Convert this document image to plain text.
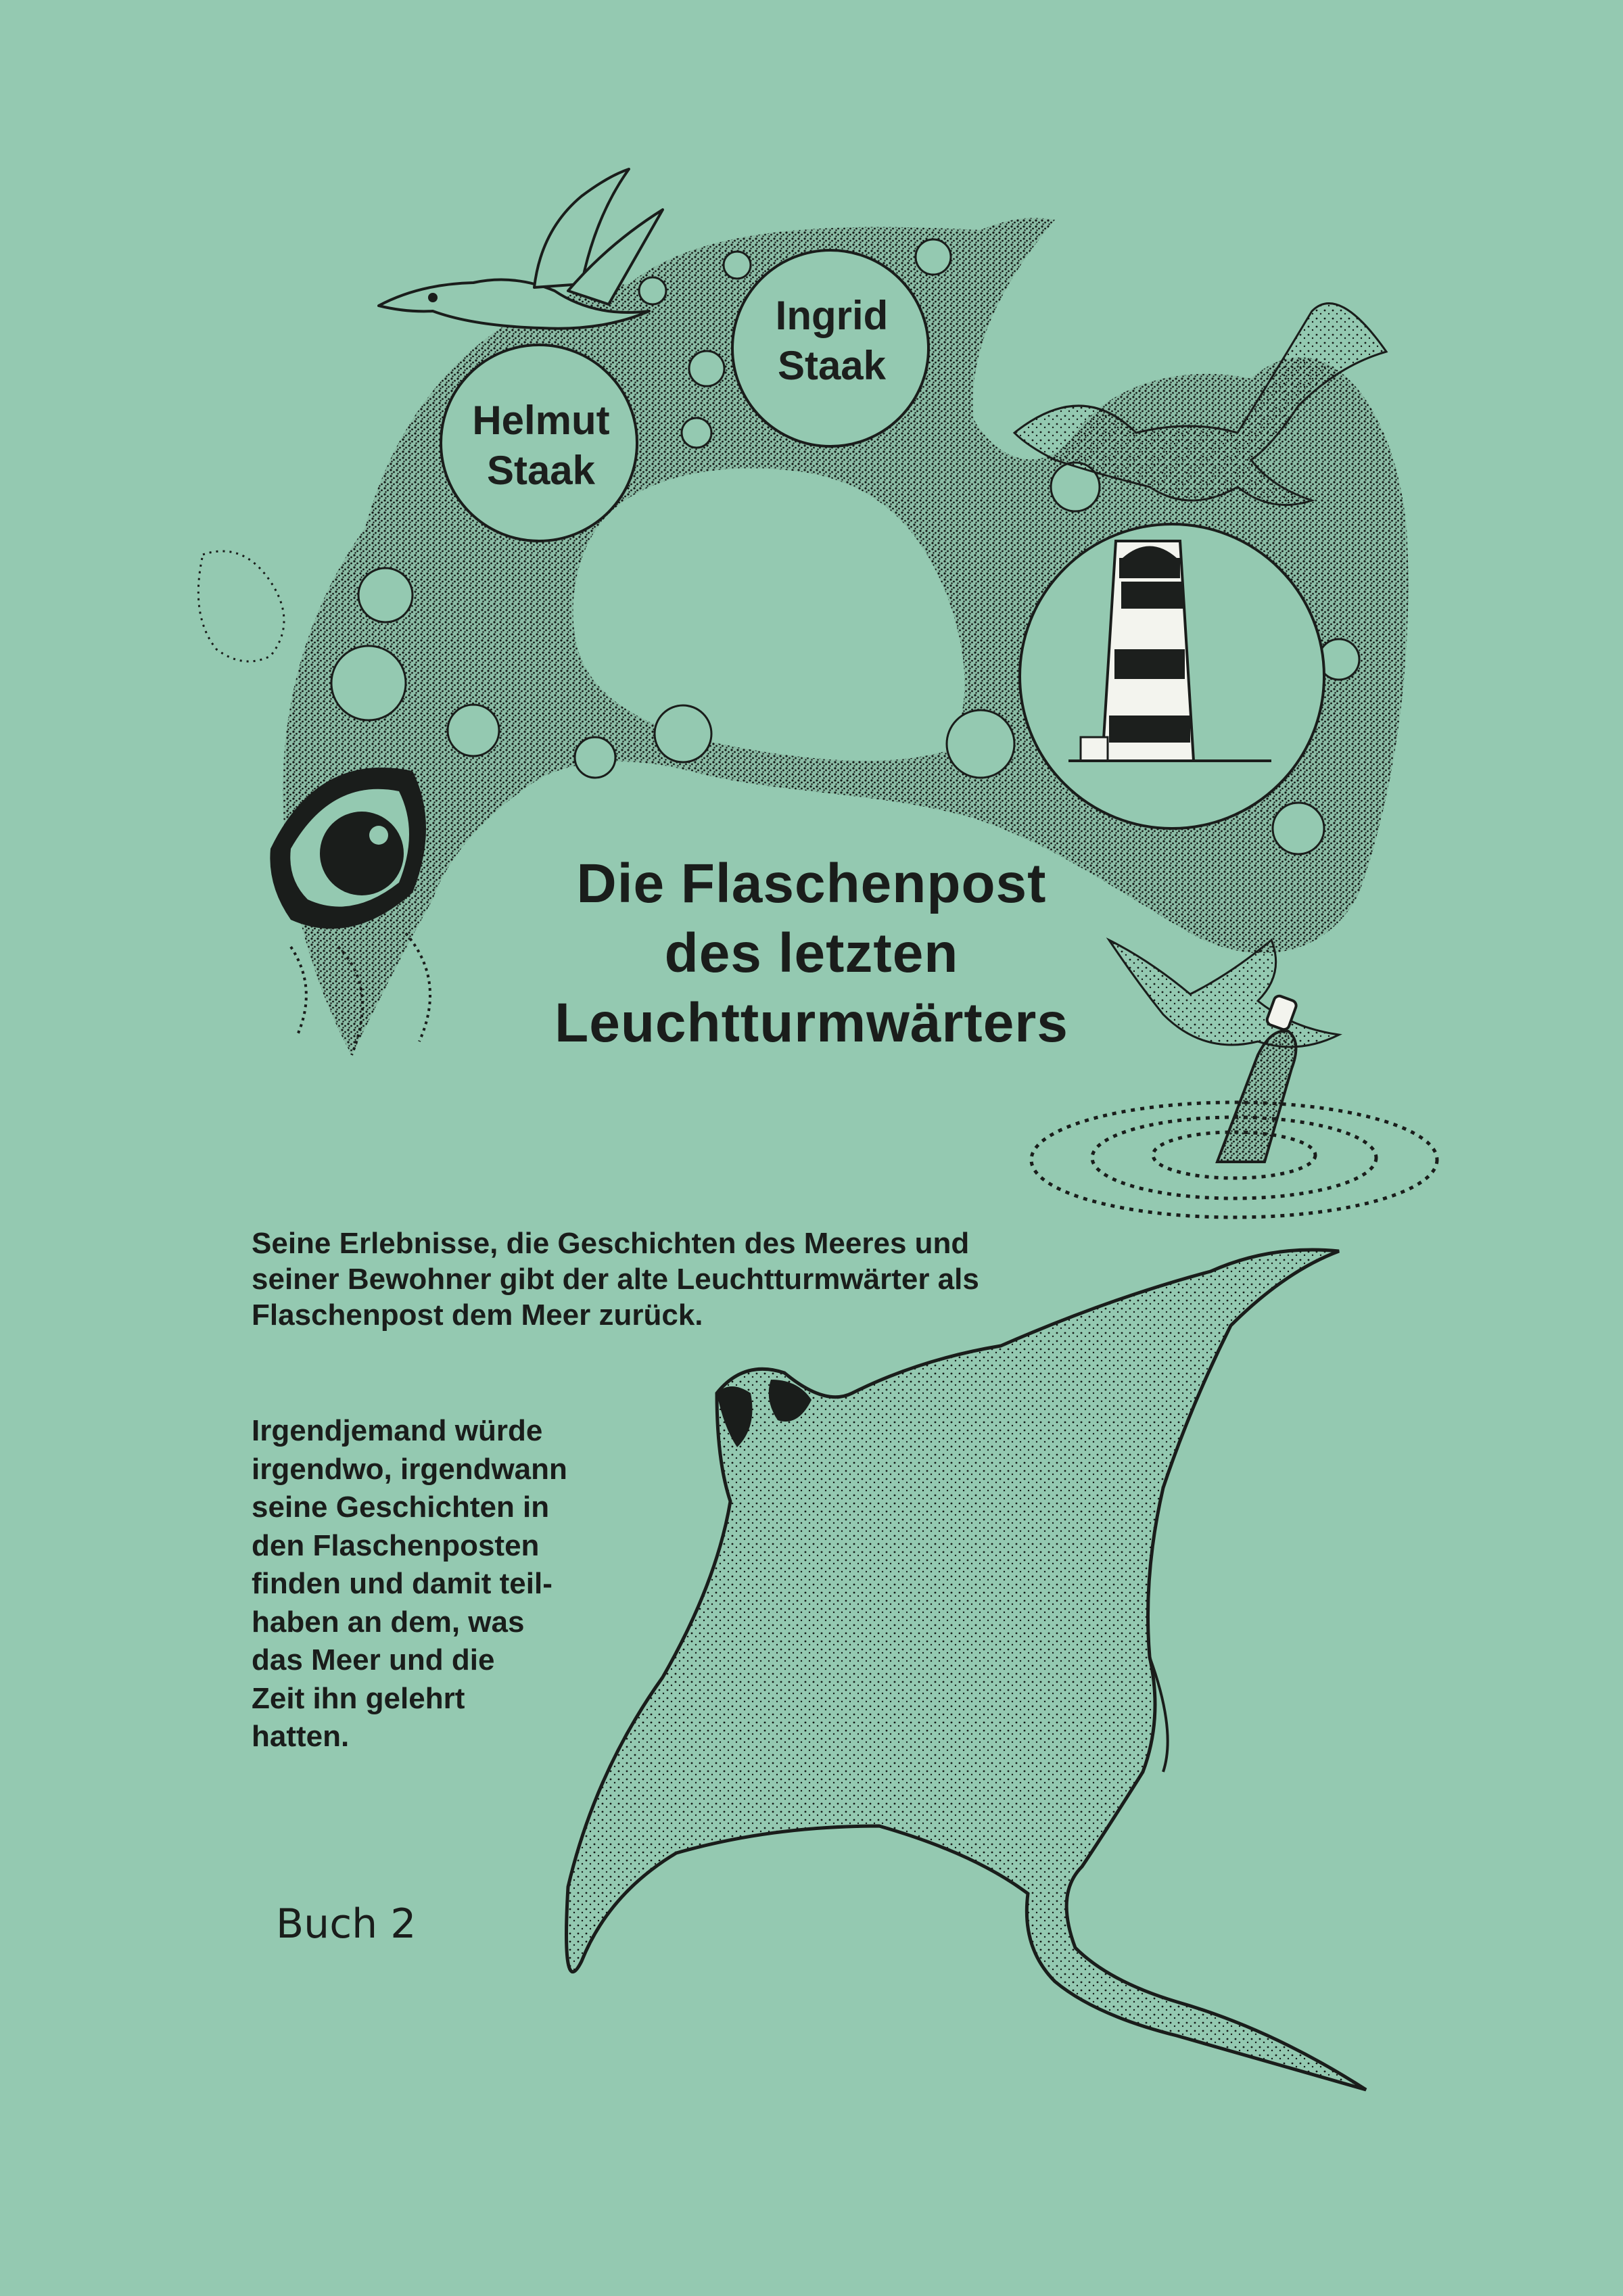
Ingrid
Staak
Helmut
Staak
Die Flaschenpost
des letzten
Leuchtturmwärters
Seine Erlebnisse, die Geschichten des Meeres und
seiner Bewohner gibt der alte Leuchtturmwärter als
Flaschenpost dem Meer zurück.
Irgendjemand würde
irgendwo, irgendwann
seine Geschichten in
den Flaschenposten
finden und damit teil-
haben an dem, was
das Meer und die
Zeit ihn gelehrt
hatten.
Buch 2
